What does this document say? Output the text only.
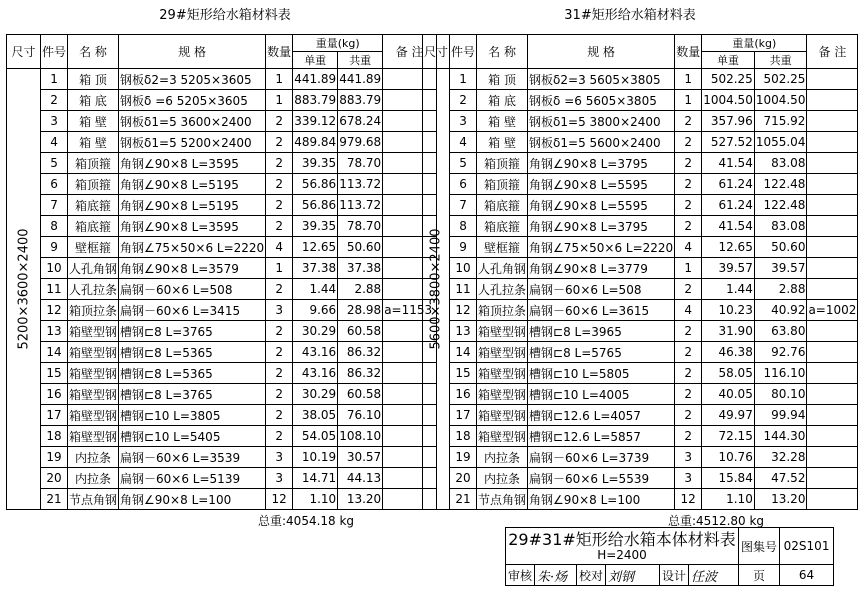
29#矩形给水箱材料表	31#矩形给水箱材料表
尺寸	件号	名 称	规 格	数量	重量(kg)		备 注
					单重	共重	

5200×3600×2400	1	箱 顶	钢板δ2=3 5205×3605	1	441.89	441.89	
	2	箱 底	钢板δ =6 5205×3605	1	883.79	883.79	
	3	箱 壁	钢板δ1=5 3600×2400	2	339.12	678.24	
	4	箱 壁	钢板δ1=5 5200×2400	2	489.84	979.68	
	5	箱顶箍	角钢∠90×8 L=3595	2	39.35	78.70	
	6	箱顶箍	角钢∠90×8 L=5195	2	56.86	113.72	
	7	箱底箍	角钢∠90×8 L=5195	2	56.86	113.72	
	8	箱底箍	角钢∠90×8 L=3595	2	39.35	78.70	
	9	壁框箍	角钢∠75×50×6 L=2220	4	12.65	50.60	
	10	人孔角钢	角钢∠90×8 L=3579	1	37.38	37.38	
	11	人孔拉条	扁钢－60×6 L=508	2	1.44	2.88	
	12	箱顶拉条	扁钢－60×6 L=3415	3	9.66	28.98	a=1153
	13	箱壁型钢	槽钢⊏8 L=3765	2	30.29	60.58	
	14	箱壁型钢	槽钢⊏8 L=5365	2	43.16	86.32	
	15	箱壁型钢	槽钢⊏8 L=5365	2	43.16	86.32	
	16	箱壁型钢	槽钢⊏8 L=3765	2	30.29	60.58	
	17	箱壁型钢	槽钢⊏10 L=3805	2	38.05	76.10	
	18	箱壁型钢	槽钢⊏10 L=5405	2	54.05	108.10	
	19	内拉条	扁钢－60×6 L=3539	3	10.19	30.57	
	20	内拉条	扁钢－60×6 L=5139	3	14.71	44.13	
	21	节点角钢	角钢∠90×8 L=100	12	1.10	13.20	
尺寸	件号	名 称	规 格	数量	重量(kg)		备 注
					单重	共重	

5600×3800×2400	1	箱 顶	钢板δ2=3 5605×3805	1	502.25	502.25	
	2	箱 底	钢板δ =6 5605×3805	1	1004.50	1004.50	
	3	箱 壁	钢板δ1=5 3800×2400	2	357.96	715.92	
	4	箱 壁	钢板δ1=5 5600×2400	2	527.52	1055.04	
	5	箱顶箍	角钢∠90×8 L=3795	2	41.54	83.08	
	6	箱顶箍	角钢∠90×8 L=5595	2	61.24	122.48	
	7	箱底箍	角钢∠90×8 L=5595	2	61.24	122.48	
	8	箱底箍	角钢∠90×8 L=3795	2	41.54	83.08	
	9	壁框箍	角钢∠75×50×6 L=2220	4	12.65	50.60	
	10	人孔角钢	角钢∠90×8 L=3779	1	39.57	39.57	
	11	人孔拉条	扁钢－60×6 L=508	2	1.44	2.88	
	12	箱顶拉条	扁钢－60×6 L=3615	4	10.23	40.92	a=1002
	13	箱壁型钢	槽钢⊏8 L=3965	2	31.90	63.80	
	14	箱壁型钢	槽钢⊏8 L=5765	2	46.38	92.76	
	15	箱壁型钢	槽钢⊏10 L=5805	2	58.05	116.10	
	16	箱壁型钢	槽钢⊏10 L=4005	2	40.05	80.10	
	17	箱壁型钢	槽钢⊏12.6 L=4057	2	49.97	99.94	
	18	箱壁型钢	槽钢⊏12.6 L=5857	2	72.15	144.30	
	19	内拉条	扁钢－60×6 L=3739	3	10.76	32.28	
	20	内拉条	扁钢－60×6 L=5539	3	15.84	47.52	
	21	节点角钢	角钢∠90×8 L=100	12	1.10	13.20	
总重:4054.18 kg	总重:4512.80 kg
29#31#矩形给水箱本体材料表
H=2400						图集号	02S101

审核	朱·炀	校对	刘钢	设计	任波	页	64
